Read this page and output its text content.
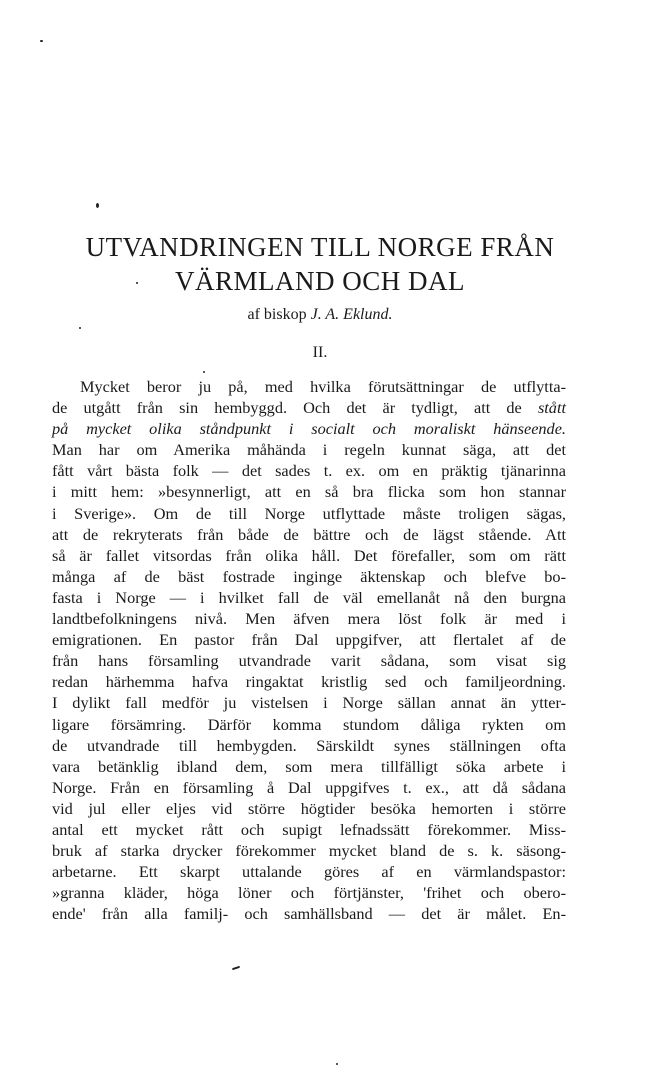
UTVANDRINGEN TILL NORGE FRÅN
VÄRMLAND OCH DAL
af biskop J. A. Eklund.
II.
Mycket beror ju på, med hvilka förutsättningar de utflytta-
de utgått från sin hembyggd. Och det är tydligt, att de stått
på mycket olika ståndpunkt i socialt och moraliskt hänseende.
Man har om Amerika måhända i regeln kunnat säga, att det
fått vårt bästa folk — det sades t. ex. om en präktig tjänarinna
i mitt hem: »besynnerligt, att en så bra flicka som hon stannar
i Sverige». Om de till Norge utflyttade måste troligen sägas,
att de rekryterats från både de bättre och de lägst stående. Att
så är fallet vitsordas från olika håll. Det förefaller, som om rätt
många af de bäst fostrade inginge äktenskap och blefve bo-
fasta i Norge — i hvilket fall de väl emellanåt nå den burgna
landtbefolkningens nivå. Men äfven mera löst folk är med i
emigrationen. En pastor från Dal uppgifver, att flertalet af de
från hans församling utvandrade varit sådana, som visat sig
redan härhemma hafva ringaktat kristlig sed och familjeordning.
I dylikt fall medför ju vistelsen i Norge sällan annat än ytter-
ligare försämring. Därför komma stundom dåliga rykten om
de utvandrade till hembygden. Särskildt synes ställningen ofta
vara betänklig ibland dem, som mera tillfälligt söka arbete i
Norge. Från en församling å Dal uppgifves t. ex., att då sådana
vid jul eller eljes vid större högtider besöka hemorten i större
antal ett mycket rått och supigt lefnadssätt förekommer. Miss-
bruk af starka drycker förekommer mycket bland de s. k. säsong-
arbetarne. Ett skarpt uttalande göres af en värmlandspastor:
»granna kläder, höga löner och förtjänster, 'frihet och obero-
ende' från alla familj- och samhällsband — det är målet. En-
